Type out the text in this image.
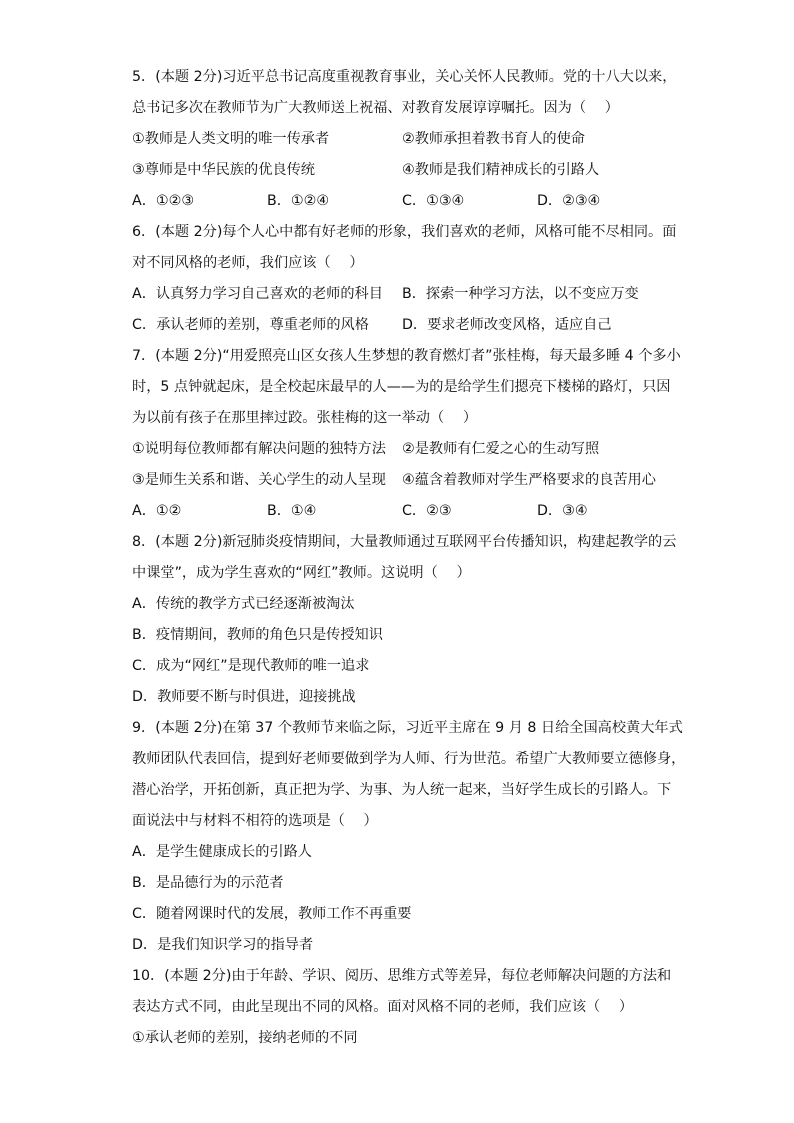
5．(本题 2分)习近平总书记高度重视教育事业，关心关怀人民教师。党的十八大以来，
总书记多次在教师节为广大教师送上祝福、对教育发展谆谆嘱托。因为（　 ）
①教师是人类文明的唯一传承者	②教师承担着教书育人的使命
③尊师是中华民族的优良传统	④教师是我们精神成长的引路人
A．①②③	B．①②④	C．①③④	D．②③④
6．(本题 2分)每个人心中都有好老师的形象，我们喜欢的老师，风格可能不尽相同。面
对不同风格的老师，我们应该（　 ）
A．认真努力学习自己喜欢的老师的科目	B．探索一种学习方法，以不变应万变
C．承认老师的差别，尊重老师的风格	D．要求老师改变风格，适应自己
7．(本题 2分)“用爱照亮山区女孩人生梦想的教育燃灯者”张桂梅，每天最多睡 4 个多小
时，5 点钟就起床，是全校起床最早的人——为的是给学生们摁亮下楼梯的路灯，只因
为以前有孩子在那里摔过跤。张桂梅的这一举动（　 ）
①说明每位教师都有解决问题的独特方法	②是教师有仁爱之心的生动写照
③是师生关系和谐、关心学生的动人呈现	④蕴含着教师对学生严格要求的良苦用心
A．①②	B．①④	C．②③	D．③④
8．(本题 2分)新冠肺炎疫情期间，大量教师通过互联网平台传播知识，构建起教学的云
中课堂”，成为学生喜欢的“网红”教师。这说明（　 ）
A．传统的教学方式已经逐渐被淘汰
B．疫情期间，教师的角色只是传授知识
C．成为“网红”是现代教师的唯一追求
D．教师要不断与时俱进，迎接挑战
9．(本题 2分)在第 37 个教师节来临之际，习近平主席在 9 月 8 日给全国高校黄大年式
教师团队代表回信，提到好老师要做到学为人师、行为世范。希望广大教师要立德修身，
潜心治学，开拓创新，真正把为学、为事、为人统一起来，当好学生成长的引路人。下
面说法中与材料不相符的选项是（　 ）
A．是学生健康成长的引路人
B．是品德行为的示范者
C．随着网课时代的发展，教师工作不再重要
D．是我们知识学习的指导者
10．(本题 2分)由于年龄、学识、阅历、思维方式等差异，每位老师解决问题的方法和
表达方式不同，由此呈现出不同的风格。面对风格不同的老师，我们应该（　 ）
①承认老师的差别，接纳老师的不同
